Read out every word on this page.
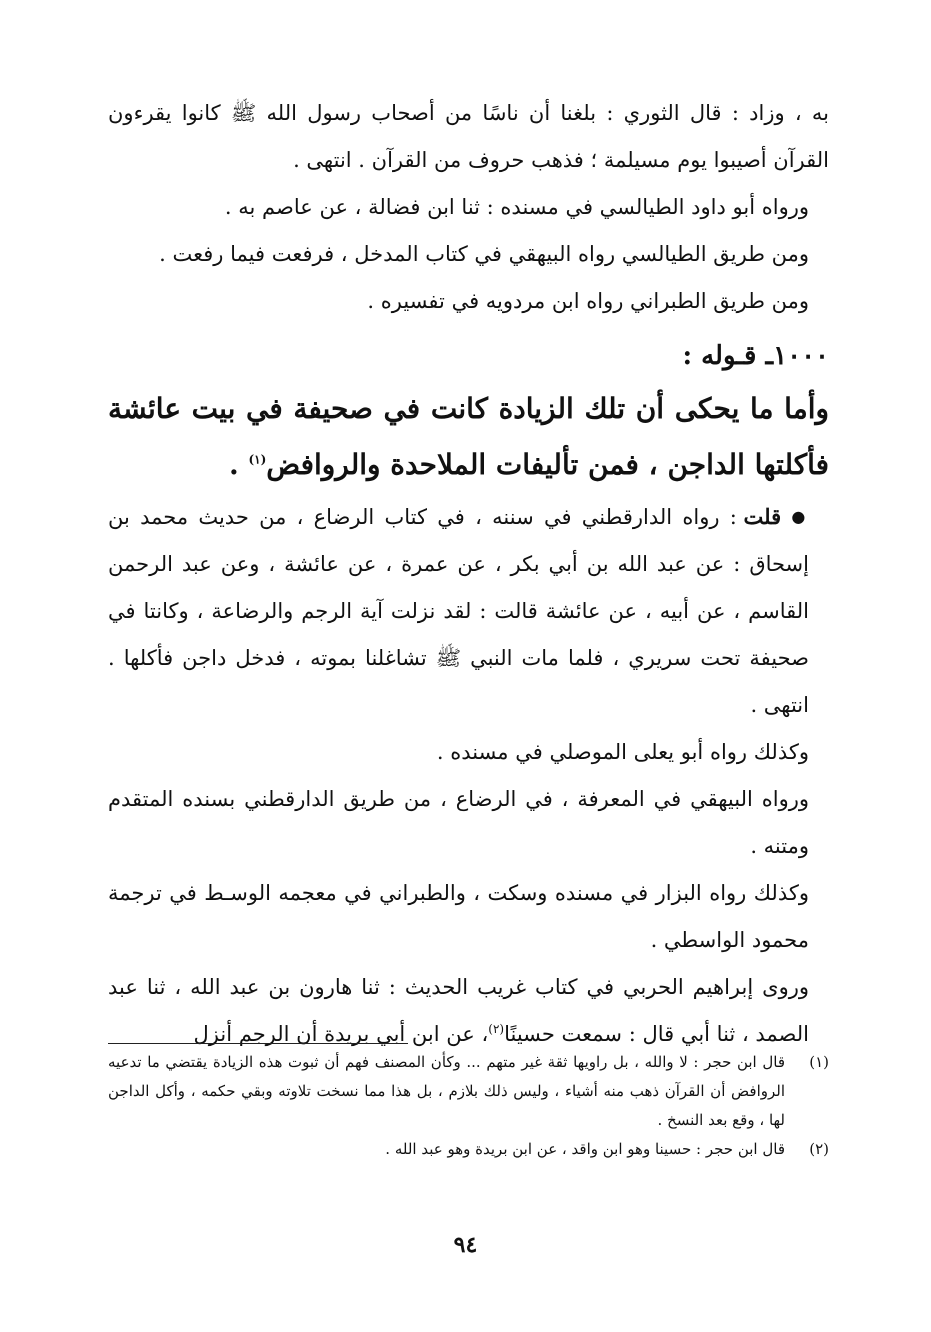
به ، وزاد : قال الثوري : بلغنا أن ناسًا من أصحاب رسول الله ﷺ كانوا يقرءون القرآن أصيبوا يوم مسيلمة ؛ فذهب حروف من القرآن . انتهى .

ورواه أبو داود الطيالسي في مسنده : ثنا ابن فضالة ، عن عاصم به .

ومن طريق الطيالسي رواه البيهقي في كتاب المدخل ، فرفعت فيما رفعت .

ومن طريق الطبراني رواه ابن مردويه في تفسيره .

١٠٠٠ـ قـوله :

وأما ما يحكى أن تلك الزيادة كانت في صحيفة في بيت عائشة فأكلتها الداجن ، فمن تأليفات الملاحدة والروافض$^{(١)}$ .

● قلت : رواه الدارقطني في سننه ، في كتاب الرضاع ، من حديث محمد بن إسحاق : عن عبد الله بن أبي بكر ، عن عمرة ، عن عائشة ، وعن عبد الرحمن القاسم ، عن أبيه ، عن عائشة قالت : لقد نزلت آية الرجم والرضاعة ، وكانتا في صحيفة تحت سريري ، فلما مات النبي ﷺ تشاغلنا بموته ، فدخل داجن فأكلها . انتهى .

وكذلك رواه أبو يعلى الموصلي في مسنده .

ورواه البيهقي في المعرفة ، في الرضاع ، من طريق الدارقطني بسنده المتقدم ومتنه .

وكذلك رواه البزار في مسنده وسكت ، والطبراني في معجمه الوسـط في ترجمة محمود الواسطي .

وروى إبراهيم الحربي في كتاب غريب الحديث : ثنا هارون بن عبد الله ، ثنا عبد الصمد ، ثنا أبي قال : سمعت حسينًا$^{(٢)}$، عن ابن أبي بريدة أن الرجم أنزل

(١)
قال ابن حجر : لا والله ، بل راويها ثقة غير متهم ... وكأن المصنف فهم أن ثبوت هذه الزيادة يقتضي ما تدعيه الروافض أن القرآن ذهب منه أشياء ، وليس ذلك بلازم ، بل هذا مما نسخت تلاوته وبقي حكمه ، وأكل الداجن لها ، وقع بعد النسخ .
(٢)
قال ابن حجر : حسينا وهو ابن واقد ، عن ابن بريدة وهو عبد الله .
٩٤
